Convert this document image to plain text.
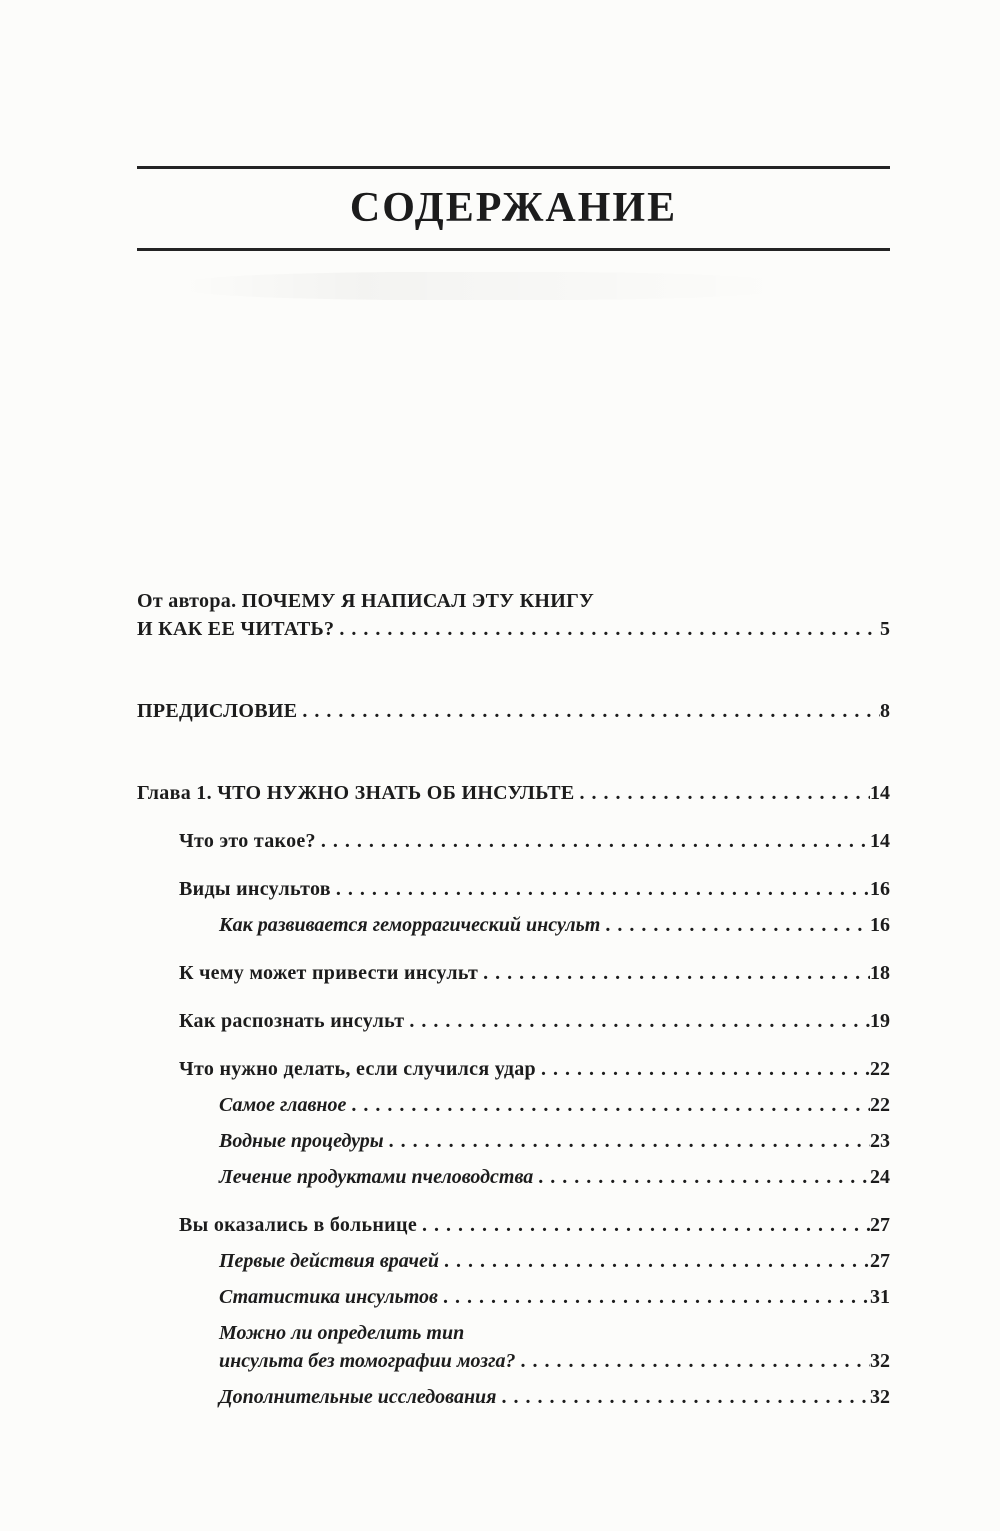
СОДЕРЖАНИЕ
От автора. ПОЧЕМУ Я НАПИСАЛ ЭТУ КНИГУ
И КАК ЕЕ ЧИТАТЬ? . . .	5
ПРЕДИСЛОВИЕ . . .	8
Глава 1. ЧТО НУЖНО ЗНАТЬ ОБ ИНСУЛЬТЕ . . .	14
Что это такое? . . .	14
Виды инсультов . . .	16
Как развивается геморрагический инсульт . . .	16
К чему может привести инсульт . . .	18
Как распознать инсульт . . .	19
Что нужно делать, если случился удар . . .	22
Самое главное . . .	22
Водные процедуры . . .	23
Лечение продуктами пчеловодства . . .	24
Вы оказались в больнице . . .	27
Первые действия врачей . . .	27
Статистика инсультов . . .	31
Можно ли определить тип
инсульта без томографии мозга? . . .	32
Дополнительные исследования . . .	32
